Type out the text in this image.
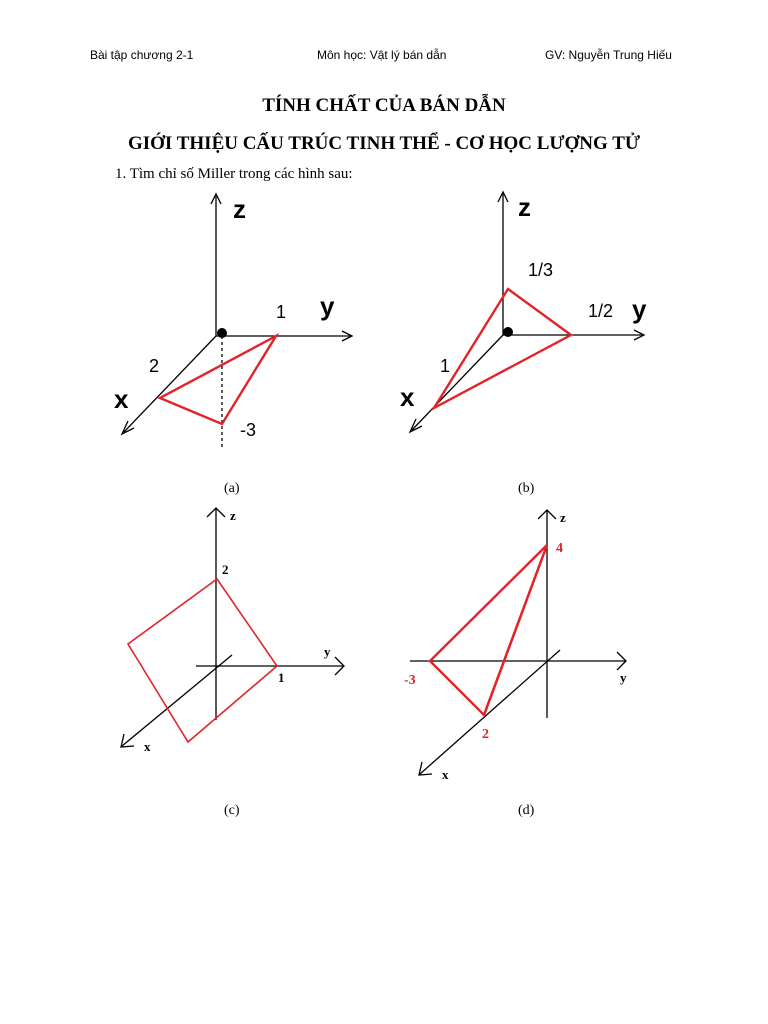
Bài tập chương 2-1	Môn học: Vật lý bán dẫn	GV: Nguyễn Trung Hiếu
TÍNH CHẤT CỦA BÁN DẪN
GIỚI THIỆU CẤU TRÚC TINH THỂ - CƠ HỌC LƯỢNG TỬ
1. Tìm chỉ số Miller trong các hình sau:
z
y
x
1
2
-3
z
y
x
1/3
1/2
1
(a)	(b)
z
y
x
2
1
z
y
x
4
-3
2
(c)	(d)
